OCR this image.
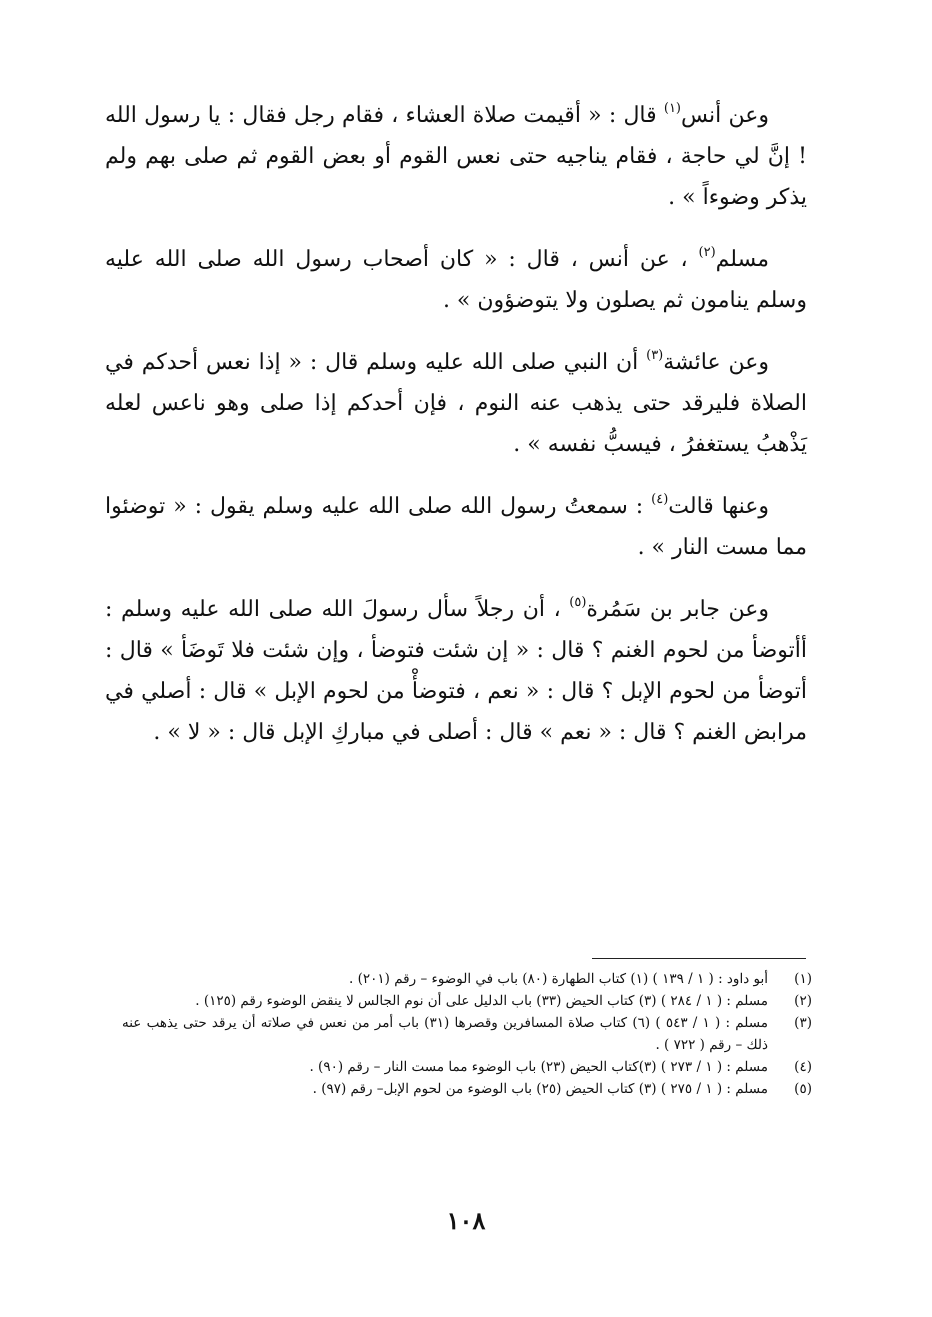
وعن أنس$^{(١)}$ قال : « أقيمت صلاة العشاء ، فقام رجل فقال : يا رسول الله ! إنَّ لي حاجة ، فقام يناجيه حتى نعس القوم أو بعض القوم ثم صلى بهم ولم يذكر وضوءاً » .

مسلم$^{(٢)}$ ، عن أنس ، قال : « كان أصحاب رسول الله صلى الله عليه وسلم ينامون ثم يصلون ولا يتوضؤون » .

وعن عائشة$^{(٣)}$ أن النبي صلى الله عليه وسلم قال : « إذا نعس أحدكم في الصلاة فليرقد حتى يذهب عنه النوم ، فإن أحدكم إذا صلى وهو ناعس لعله يَذْهبُ يستغفرُ ، فيسبُّ نفسه » .

وعنها قالت$^{(٤)}$ : سمعتُ رسول الله صلى الله عليه وسلم يقول : « توضئوا مما مست النار » .

وعن جابر بن سَمُرة$^{(٥)}$ ، أن رجلاً سأل رسولَ الله صلى الله عليه وسلم : أأتوضأ من لحوم الغنم ؟ قال : « إن شئت فتوضأ ، وإن شئت فلا تَوضَأ » قال : أتوضأ من لحوم الإبل ؟ قال : « نعم ، فتوضأْ من لحوم الإبل » قال : أصلي في مرابض الغنم ؟ قال : « نعم » قال : أصلى في مباركِ الإبل قال : « لا » .

(١)
أبو داود : ( ١ / ١٣٩ ) (١) كتاب الطهارة (٨٠) باب في الوضوء – رقم (٢٠١) .
(٢)
مسلم : ( ١ / ٢٨٤ ) (٣) كتاب الحيض (٣٣) باب الدليل على أن نوم الجالس لا ينقض الوضوء رقم (١٢٥) .
(٣)
مسلم : ( ١ / ٥٤٣ ) (٦) كتاب صلاة المسافرين وقصرها (٣١) باب أمر من نعس في صلاته أن يرقد حتى يذهب عنه ذلك – رقم ( ٧٢٢ ) .
(٤)
مسلم : ( ١ / ٢٧٣ ) (٣)كتاب الحيض (٢٣) باب الوضوء مما مست النار – رقم (٩٠) .
(٥)
مسلم : ( ١ / ٢٧٥ ) (٣) كتاب الحيض (٢٥) باب الوضوء من لحوم الإبل– رقم (٩٧) .
١٠٨
